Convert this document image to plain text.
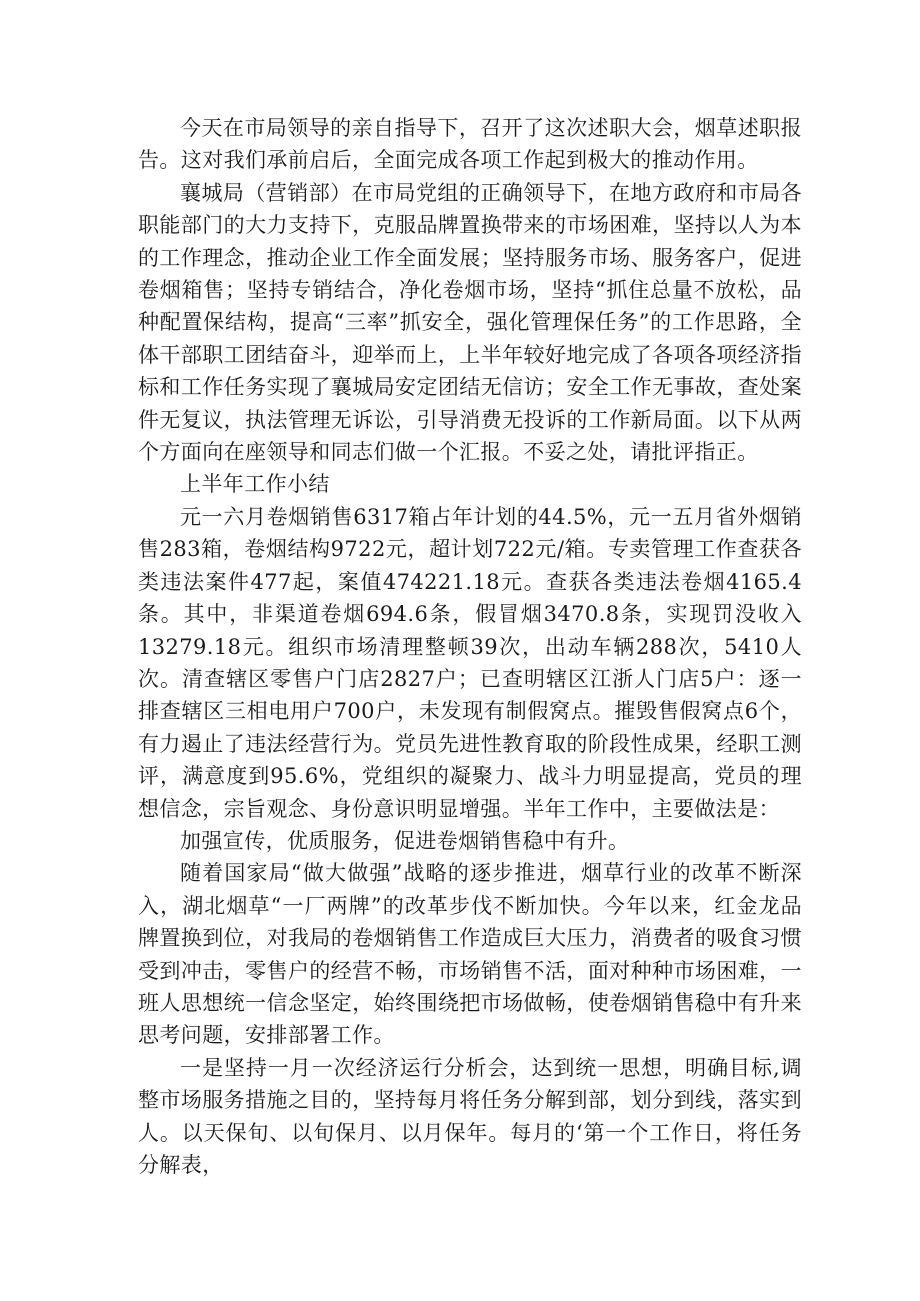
今天在市局领导的亲自指导下，召开了这次述职大会，烟草述职报告。这对我们承前启后，全面完成各项工作起到极大的推动作用。

襄城局（营销部）在市局党组的正确领导下，在地方政府和市局各职能部门的大力支持下，克服品牌置换带来的市场困难，坚持以人为本的工作理念，推动企业工作全面发展；坚持服务市场、服务客户，促进卷烟箱售；坚持专销结合，净化卷烟市场，坚持“抓住总量不放松，品种配置保结构，提高“三率”抓安全，强化管理保任务”的工作思路，全体干部职工团结奋斗，迎举而上，上半年较好地完成了各项各项经济指标和工作任务实现了襄城局安定团结无信访；安全工作无事故，查处案件无复议，执法管理无诉讼，引导消费无投诉的工作新局面。以下从两个方面向在座领导和同志们做一个汇报。不妥之处，请批评指正。

上半年工作小结

元一六月卷烟销售6317箱占年计划的44.5%，元一五月省外烟销售283箱，卷烟结构9722元，超计划722元/箱。专卖管理工作查获各类违法案件477起，案值474221.18元。查获各类违法卷烟4165.4条。其中，非渠道卷烟694.6条，假冒烟3470.8条，实现罚没收入13279.18元。组织市场清理整顿39次，出动车辆288次，5410人次。清查辖区零售户门店2827户；已查明辖区江浙人门店5户：逐一排查辖区三相电用户700户，未发现有制假窝点。摧毁售假窝点6个，有力遏止了违法经营行为。党员先进性教育取的阶段性成果，经职工测评，满意度到95.6%，党组织的凝聚力、战斗力明显提高，党员的理想信念，宗旨观念、身份意识明显增强。半年工作中，主要做法是：

加强宣传，优质服务，促进卷烟销售稳中有升。

随着国家局“做大做强”战略的逐步推进，烟草行业的改革不断深入，湖北烟草“一厂两牌”的改革步伐不断加快。今年以来，红金龙品牌置换到位，对我局的卷烟销售工作造成巨大压力，消费者的吸食习惯受到冲击，零售户的经营不畅，市场销售不活，面对种种市场困难，一班人思想统一信念坚定，始终围绕把市场做畅，使卷烟销售稳中有升来思考问题，安排部署工作。

一是坚持一月一次经济运行分析会，达到统一思想，明确目标,调整市场服务措施之目的，坚持每月将任务分解到部，划分到线，落实到人。以天保旬、以旬保月、以月保年。每月的‘第一个工作日，将任务分解表，
